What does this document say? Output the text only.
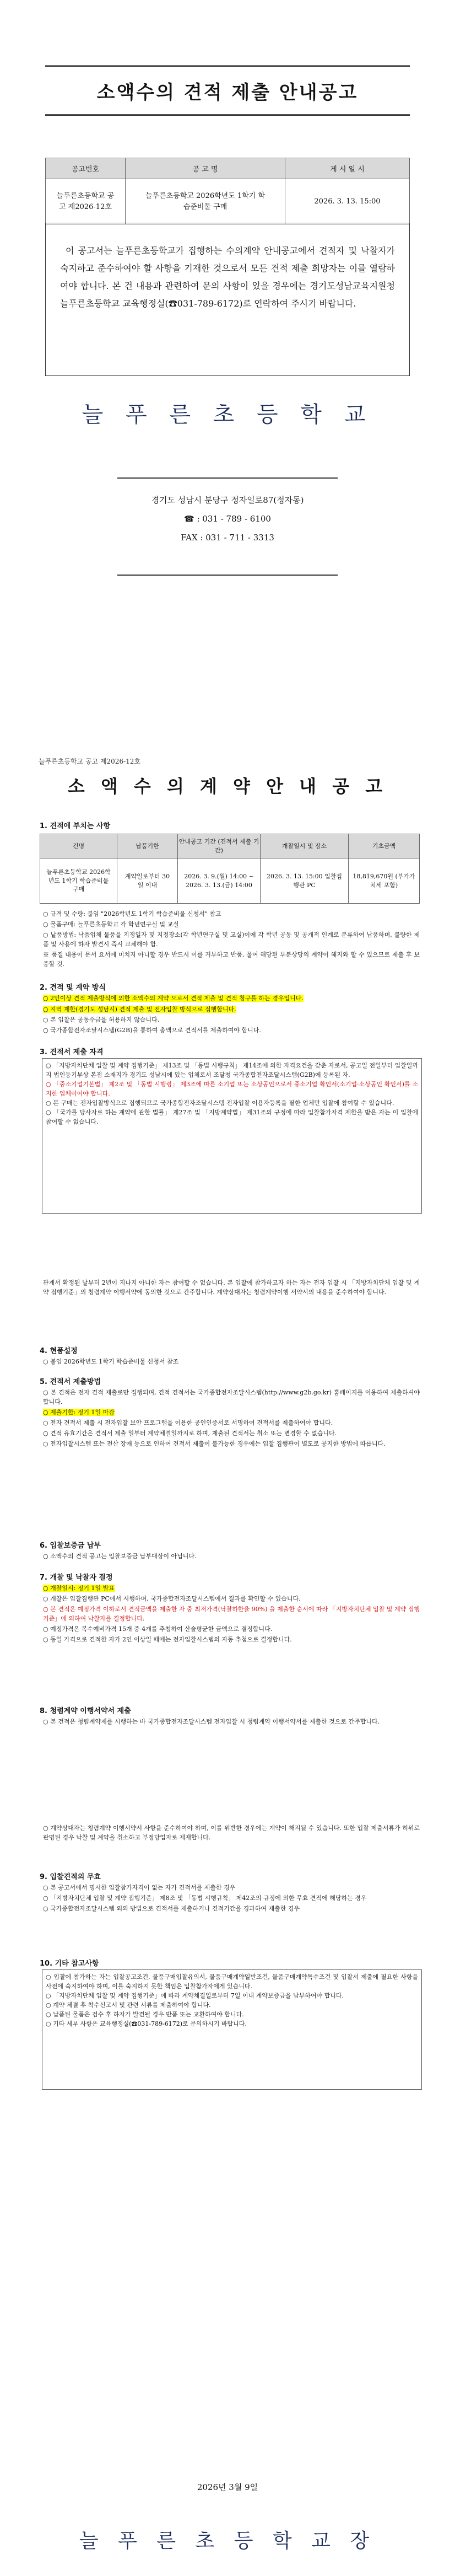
소액수의 견적 제출 안내공고
공고번호	공 고 명	게 시 일 시
늘푸른초등학교 공고 제2026-12호	늘푸른초등학교 2026학년도 1학기 학습준비물 구매	2026. 3. 13. 15:00
이 공고서는 늘푸른초등학교가 집행하는 수의계약 안내공고에서 견적자 및 낙찰자가 숙지하고 준수하여야 할 사항을 기재한 것으로서 모든 견적 제출 희망자는 이를 열람하여야 합니다. 본 건 내용과 관련하여 문의 사항이 있을 경우에는 경기도성남교육지원청 늘푸른초등학교 교육행정실(☎031-789-6172)로 연락하여 주시기 바랍니다.
늘 푸 른 초 등 학 교
경기도 성남시 분당구 정자일로87(정자동)
☎ : 031 - 789 - 6100
FAX : 031 - 711 - 3313
늘푸른초등학교 공고 제2026-12호
소 액 수 의 계 약 안 내 공 고
1. 견적에 부치는 사항
건명	납품기한	안내공고 기간 (견적서 제출 기간)	개찰일시 및 장소	기초금액
늘푸른초등학교 2026학년도 1학기 학습준비물 구매	계약일로부터 30일 이내	2026. 3. 9.(월) 14:00 ~ 2026. 3. 13.(금) 14:00	2026. 3. 13. 15:00 입찰집행관 PC	18,819,670원 (부가가치세 포함)

○ 규격 및 수량: 붙임 "2026학년도 1학기 학습준비물 신청서" 참고

○ 물품구매: 늘푸른초등학교 각 학년연구실 및 교실

○ 낱품방법: 낙품업체 물품을 지정일자 및 지정장소(각 학년연구실 및 교실)이에 각 학년 공동 및 공개적 인계로 분류하여 납품하며, 불량한 제품 및 사용에 하자 발견시 즉시 교체해야 함.

※ 품질 내용이 문서 요서에 미치지 아니할 경우 반드시 이를 거부하고 반품, 물여 해당된 부분상당의 계약이 해지와 할 수 있으므로 제출 후 보증할 것.

2. 견적 및 계약 방식

○ 2인이상 견적 제출방식에 의한 소액수의 계약 으로서 견적 제출 및 견적 청구를 하는 경우입니다.

○ 지역 제한(경기도 성남시) 견적 제출 및 전자입찰 방식으로 집행합니다.

○ 본 입찰은 공동수급을 허용하지 않습니다.

○ 국가종합전자조달시스템(G2B)을 통하여 총액으로 견적서를 제출하여야 합니다.

3. 견적서 제출 자격

○ 「지방자치단체 입찰 및 계약 집행기준」 제13조 및 「동법 시행규칙」 제14조에 의한 자격요건을 갖춘 자로서, 공고일 전일부터 입찰일까지 법인등기부상 본점 소재지가 경기도 성남시에 있는 업체로서 조달청 국가종합전자조달시스템(G2B)에 등록된 자.

○ 「중소기업기본법」 제2조 및 「동법 시행령」 제3조에 따른 소기업 또는 소상공인으로서 중소기업 확인서(소기업·소상공인 확인서)를 소지한 업체이어야 합니다.

○ 본 구매는 전자입찰방식으로 집행되므로 국가종합전자조달시스템 전자입찰 이용자등록을 필한 업체만 입찰에 참여할 수 있습니다.

○ 「국가를 당사자로 하는 계약에 관한 법률」 제27조 및 「지방계약법」 제31조의 규정에 따라 입찰참가자격 제한을 받은 자는 이 입찰에 참여할 수 없습니다.

관계서 확정된 날부터 2년이 지나지 아니한 자는 참여할 수 없습니다. 본 입찰에 참가하고자 하는 자는 전자 입찰 시 「지방자치단체 입찰 및 계약 집행기준」의 청렴계약 이행서약에 동의한 것으로 간주합니다. 계약상대자는 청렴계약이행 서약서의 내용을 준수하여야 합니다.
4. 현품설정
○ 붙임 2026학년도 1학기 학습준비물 신청서 참조
5. 견적서 제출방법

○ 본 견적은 전자 견적 제출로만 집행되며, 견적 견적서는 국가종합전자조달시스템(http://www.g2b.go.kr) 홈페이지를 이용하여 제출하셔야 합니다.

○ 제출기한: 정기 1일 마감

○ 전자 견적서 제출 시 전자입찰 보안 프로그램을 이용한 공인인증서로 서명하여 견적서를 제출하여야 합니다.

○ 견적 유효기간은 견적서 제출 일부터 계약체결일까지로 하며, 제출된 견적서는 취소 또는 변경할 수 없습니다.

○ 전자입찰시스템 또는 전산 장애 등으로 인하여 견적서 제출이 불가능한 경우에는 입찰 집행관이 별도로 공지한 방법에 따릅니다.

6. 입찰보증금 납부
○ 소액수의 견적 공고는 입찰보증금 납부대상이 아닙니다.
7. 개찰 및 낙찰자 결정

○ 개찰일시: 정기 1일 발표

○ 개찰은 입찰집행관 PC에서 시행하며, 국가종합전자조달시스템에서 결과를 확인할 수 있습니다.

○ 본 견적은 예정가격 이하로서 견적금액을 제출한 자 중 최저가격(낙찰하한율 90%) 을 제출한 순서에 따라 「지방자치단체 입찰 및 계약 집행기준」에 의하여 낙찰자를 결정합니다.

○ 예정가격은 복수예비가격 15개 중 4개를 추첨하여 산술평균한 금액으로 결정합니다.

○ 동일 가격으로 견적한 자가 2인 이상일 때에는 전자입찰시스템의 자동 추첨으로 결정합니다.

8. 청렴계약 이행서약서 제출
○ 본 건적은 청렴계약제를 시행하는 바 국가종합전자조달시스템 전자입찰 시 청렴계약 이행서약서를 제출한 것으로 간주합니다.
○ 계약상대자는 청렴계약 이행서약서 사항을 준수하여야 하며, 이를 위반한 경우에는 계약이 해지될 수 있습니다. 또한 입찰 제출서류가 허위로 판명된 경우 낙찰 및 계약을 취소하고 부정당업자로 제재합니다.
9. 입찰견적의 무효

○ 본 공고서에서 명시한 입찰참가자격이 없는 자가 견적서를 제출한 경우

○ 「지방자치단체 입찰 및 계약 집행기준」 제8조 및 「동법 시행규칙」 제42조의 규정에 의한 무효 견적에 해당하는 경우

○ 국가종합전자조달시스템 외의 방법으로 견적서를 제출하거나 견적기간을 경과하여 제출한 경우

10. 기타 참고사항

○ 입찰에 참가하는 자는 입찰공고조건, 물품구매입찰유의서, 물품구매계약일반조건, 물품구매계약특수조건 및 입찰서 제출에 필요한 사항을 사전에 숙지하여야 하며, 이를 숙지하지 못한 책임은 입찰참가자에게 있습니다.

○ 「지방자치단체 입찰 및 계약 집행기준」에 따라 계약체결일로부터 7일 이내 계약보증금을 납부하여야 합니다.

○ 계약 체결 후 착수신고서 및 관련 서류를 제출하여야 합니다.

○ 납품된 물품은 검수 후 하자가 발견될 경우 반품 또는 교환하여야 합니다.

○ 기타 세부 사항은 교육행정실(☎031-789-6172)로 문의하시기 바랍니다.

2026년 3월 9일
늘 푸 른 초 등 학 교 장
